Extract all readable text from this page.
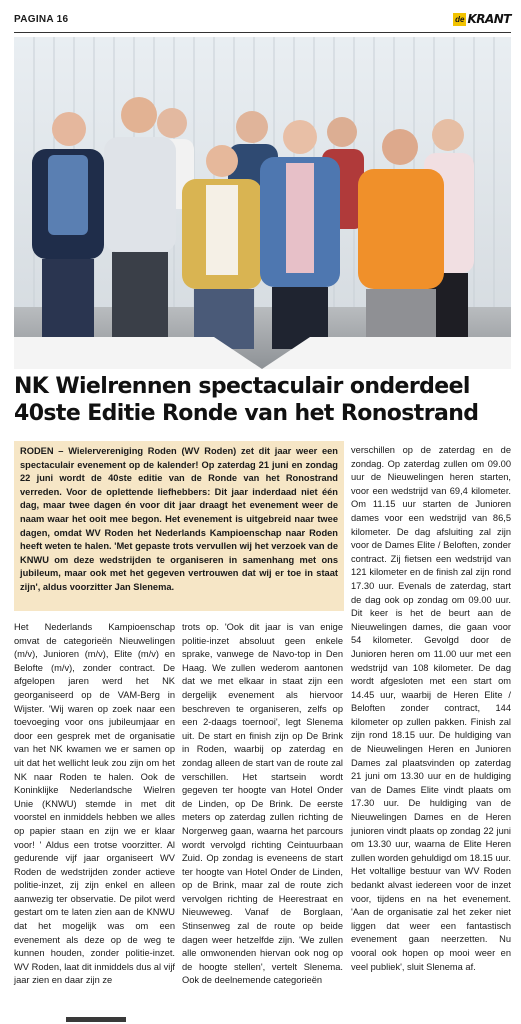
PAGINA 16	de KRANT
NK Wielrennen spectaculair onderdeel
40ste Editie Ronde van het Ronostrand

RODEN – Wielervereniging Roden (WV Roden) zet dit jaar weer een spectaculair evenement op de kalender! Op zaterdag 21 juni en zondag 22 juni wordt de 40ste editie van de Ronde van het Ronostrand verreden. Voor de oplettende liefhebbers: Dit jaar inderdaad niet één dag, maar twee dagen én voor dit jaar draagt het evenement weer de naam waar het ooit mee begon. Het evenement is uitgebreid naar twee dagen, omdat WV Roden het Nederlands Kampioenschap naar Roden heeft weten te halen. 'Met gepaste trots vervullen wij het verzoek van de KNWU om deze wedstrijden te organiseren in samenhang met ons jubileum, maar ook met het gegeven vertrouwen dat wij er toe in staat zijn', aldus voorzitter Jan Slenema.

Het Nederlands Kampioenschap omvat de categorieën Nieuwelingen (m/v), Junioren (m/v), Elite (m/v) en Belofte (m/v), zonder contract. De afgelopen jaren werd het NK georganiseerd op de VAM-Berg in Wijster. 'Wij waren op zoek naar een toevoeging voor ons jubileumjaar en door een gesprek met de organisatie van het NK kwamen we er samen op uit dat het wellicht leuk zou zijn om het NK naar Roden te halen. Ook de Koninklijke Nederlandsche Wielren Unie (KNWU) stemde in met dit voorstel en inmiddels hebben we alles op papier staan en zijn we er klaar voor! ' Aldus een trotse voorzitter. Al gedurende vijf jaar organiseert WV Roden de wedstrijden zonder actieve politie-inzet, zij zijn enkel en alleen aanwezig ter observatie. De pilot werd gestart om te laten zien aan de KNWU dat het mogelijk was om een evenement als deze op de weg te kunnen houden, zonder politie-inzet. WV Roden, laat dit inmiddels dus al vijf jaar zien en daar zijn ze

trots op. 'Ook dit jaar is van enige politie-inzet absoluut geen enkele sprake, vanwege de Navo-top in Den Haag. We zullen wederom aantonen dat we met elkaar in staat zijn een dergelijk evenement als hiervoor beschreven te organiseren, zelfs op een 2-daags toernooi', legt Slenema uit. De start en finish zijn op De Brink in Roden, waarbij op zaterdag en zondag alleen de start van de route zal verschillen. Het startsein wordt gegeven ter hoogte van Hotel Onder de Linden, op De Brink. De eerste meters op zaterdag zullen richting de Norgerweg gaan, waarna het parcours wordt vervolgd richting Ceintuurbaan Zuid. Op zondag is eveneens de start ter hoogte van Hotel Onder de Linden, op de Brink, maar zal de route zich vervolgen richting de Heerestraat en Nieuweweg. Vanaf de Borglaan, Stinsenweg zal de route op beide dagen weer hetzelfde zijn. 'We zullen alle omwonenden hiervan ook nog op de hoogte stellen', vertelt Slenema. Ook de deelnemende categorieën

verschillen op de zaterdag en de zondag. Op zaterdag zullen om 09.00 uur de Nieuwelingen heren starten, voor een wedstrijd van 69,4 kilometer. Om 11.15 uur starten de Junioren dames voor een wedstrijd van 86,5 kilometer. De dag afsluiting zal zijn voor de Dames Elite / Beloften, zonder contract. Zij fietsen een wedstrijd van 121 kilometer en de finish zal zijn rond 17.30 uur. Evenals de zaterdag, start de dag ook op zondag om 09.00 uur. Dit keer is het de beurt aan de Nieuwelingen dames, die gaan voor 54 kilometer. Gevolgd door de Junioren heren om 11.00 uur met een wedstrijd van 108 kilometer. De dag wordt afgesloten met een start om 14.45 uur, waarbij de Heren Elite / Beloften zonder contract, 144 kilometer op zullen pakken. Finish zal zijn rond 18.15 uur. De huldiging van de Nieuwelingen Heren en Junioren Dames zal plaatsvinden op zaterdag 21 juni om 13.30 uur en de huldiging van de Dames Elite vindt plaats om 17.30 uur. De huldiging van de Nieuwelingen Dames en de Heren junioren vindt plaats op zondag 22 juni om 13.30 uur, waarna de Elite Heren zullen worden gehuldigd om 18.15 uur. Het voltallige bestuur van WV Roden bedankt alvast iedereen voor de inzet voor, tijdens en na het evenement. 'Aan de organisatie zal het zeker niet liggen dat weer een fantastisch evenement gaan neerzetten. Nu vooral ook hopen op mooi weer en veel publiek', sluit Slenema af.
